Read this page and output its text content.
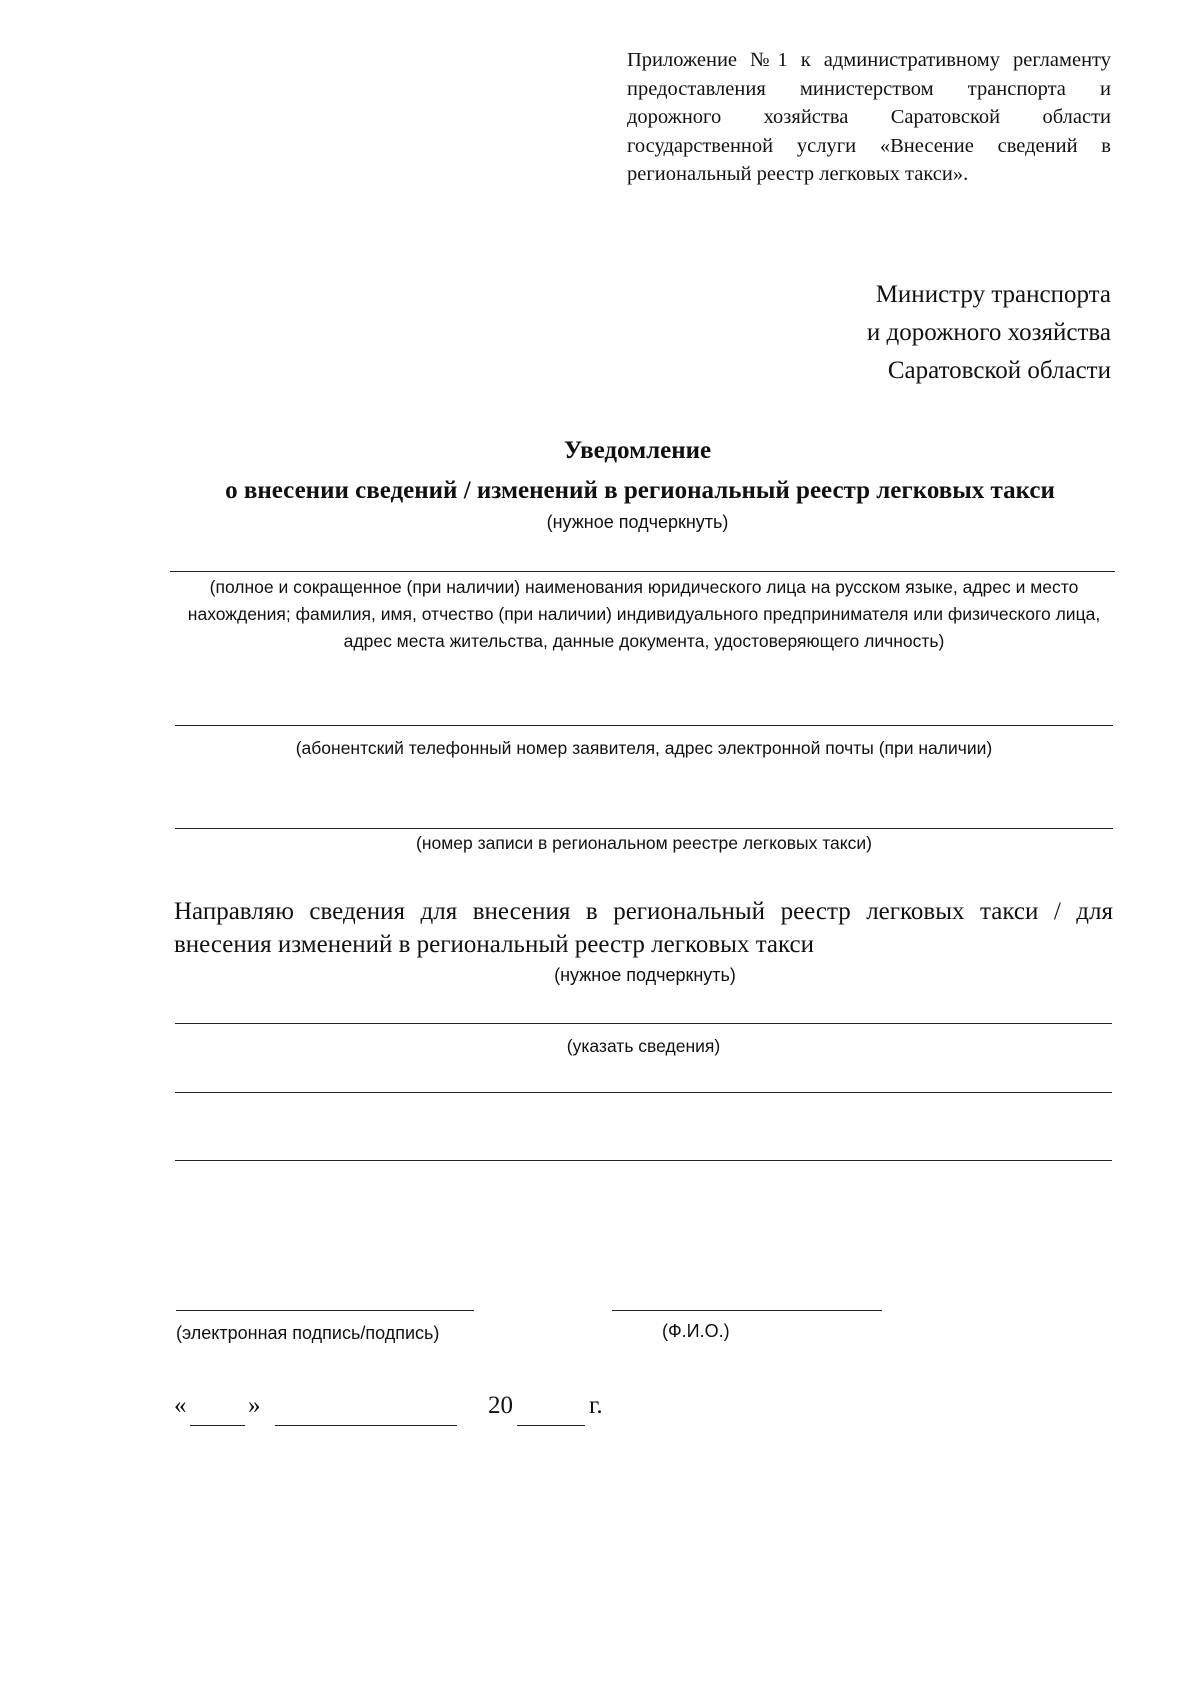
Приложение №1 к административному регламенту предоставления министерством транспорта и дорожного хозяйства Саратовской области государственной услуги «Внесение сведений в региональный реестр легковых такси».
Министру транспорта
и дорожного хозяйства
Саратовской области
Уведомление
о внесении сведений / изменений в региональный реестр легковых такси
(нужное подчеркнуть)
(полное и сокращенное (при наличии) наименования юридического лица на русском языке, адрес и место нахождения; фамилия, имя, отчество (при наличии) индивидуального предпринимателя или физического лица, адрес места жительства, данные документа, удостоверяющего личность)
(абонентский телефонный номер заявителя, адрес электронной почты (при наличии)
(номер записи в региональном реестре легковых такси)
Направляю сведения для внесения в региональный реестр легковых такси / для внесения изменений в региональный реестр легковых такси
(нужное подчеркнуть)
(указать сведения)
(электронная подпись/подпись)	(Ф.И.О.)
« »	20	г.
